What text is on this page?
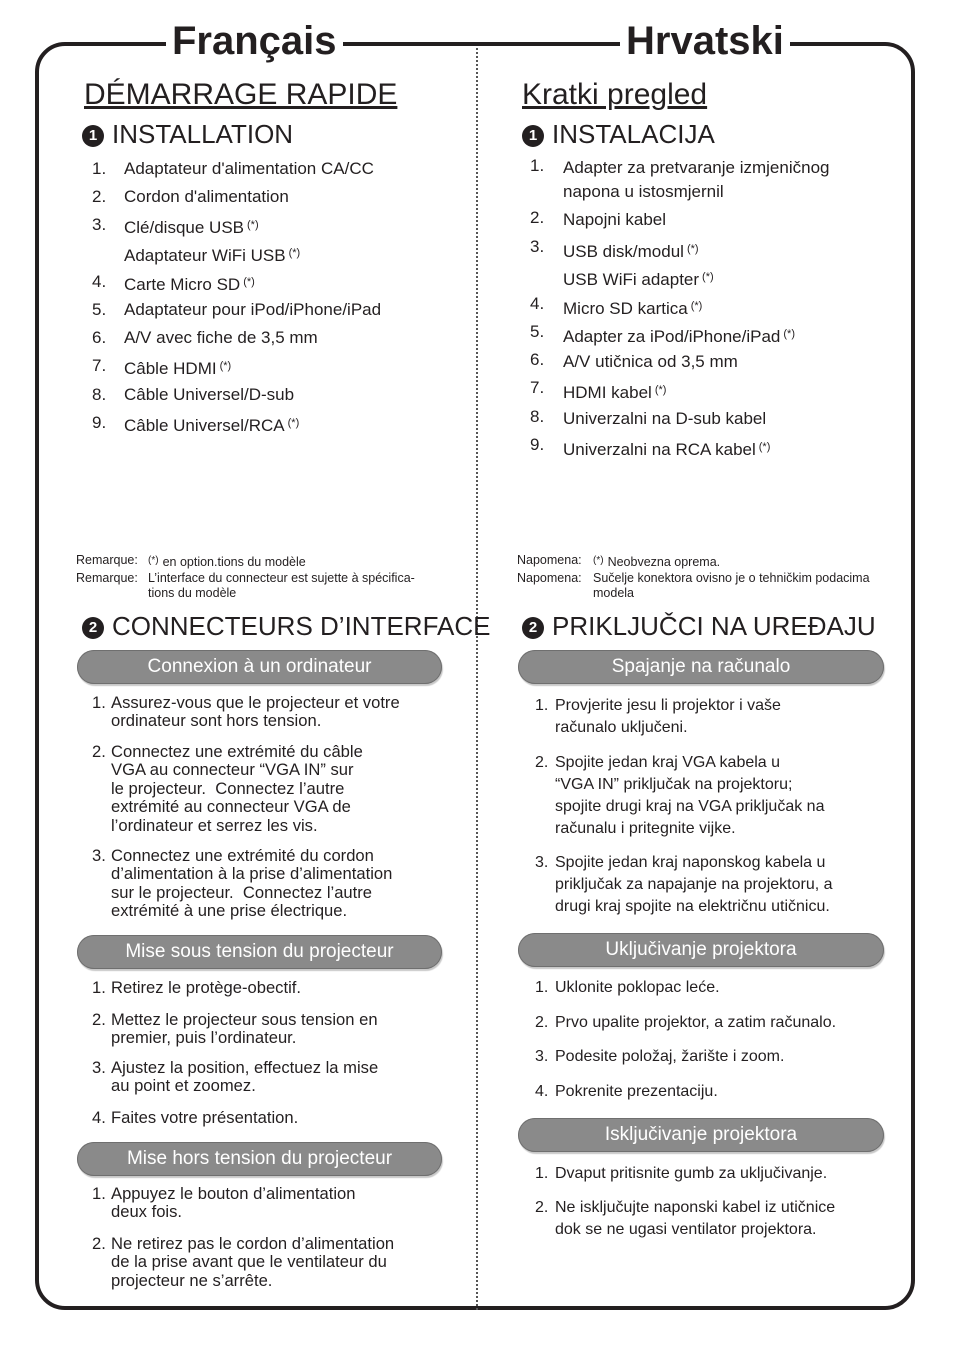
Français	Hrvatski
DÉMARRAGE RAPIDE
1 INSTALLATION
1. Adaptateur d'alimentation CA/CC
2. Cordon d'alimentation
3. Clé/disque USB (*)
Adaptateur WiFi USB (*)
4. Carte Micro SD (*)
5. Adaptateur pour iPod/iPhone/iPad
6. A/V avec fiche de 3,5 mm
7. Câble HDMI (*)
8. Câble Universel/D-sub
9. Câble Universel/RCA (*)
Remarque: (*) en option.tions du modèle
Remarque: L’interface du connecteur est sujette à spécifica-
tions du modèle
2 CONNECTEURS D’INTERFACE
Connexion à un ordinateur
1. Assurez-vous que le projecteur et votre
ordinateur sont hors tension.
2. Connectez une extrémité du câble
VGA au connecteur “VGA IN” sur
le projecteur.  Connectez l’autre
extrémité au connecteur VGA de
l’ordinateur et serrez les vis.
3. Connectez une extrémité du cordon
d’alimentation à la prise d’alimentation
sur le projecteur.  Connectez l’autre
extrémité à une prise électrique.
Mise sous tension du projecteur
1. Retirez le protège-obectif.
2. Mettez le projecteur sous tension en
premier, puis l’ordinateur.
3. Ajustez la position, effectuez la mise
au point et zoomez.
4. Faites votre présentation.
Mise hors tension du projecteur
1. Appuyez le bouton d’alimentation
deux fois.
2. Ne retirez pas le cordon d’alimentation
de la prise avant que le ventilateur du
projecteur ne s’arrête.
Kratki pregled
1 INSTALACIJA
1. Adapter za pretvaranje izmjeničnog
napona u istosmjernil
2. Napojni kabel
3. USB disk/modul (*)
USB WiFi adapter (*)
4. Micro SD kartica (*)
5. Adapter za iPod/iPhone/iPad (*)
6. A/V utičnica od 3,5 mm
7. HDMI kabel (*)
8. Univerzalni na D-sub kabel
9. Univerzalni na RCA kabel (*)
Napomena: (*) Neobvezna oprema.
Napomena: Sučelje konektora ovisno je o tehničkim podacima
modela
2 PRIKLJUČCI NA UREĐAJU
Spajanje na računalo
1. Provjerite jesu li projektor i vaše
računalo uključeni.
2. Spojite jedan kraj VGA kabela u
“VGA IN” priključak na projektoru;
spojite drugi kraj na VGA priključak na
računalu i pritegnite vijke.
3. Spojite jedan kraj naponskog kabela u
priključak za napajanje na projektoru, a
drugi kraj spojite na električnu utičnicu.
Uključivanje projektora
1. Uklonite poklopac leće.
2. Prvo upalite projektor, a zatim računalo.
3. Podesite položaj, žarište i zoom.
4. Pokrenite prezentaciju.
Isključivanje projektora
1. Dvaput pritisnite gumb za uključivanje.
2. Ne isključujte naponski kabel iz utičnice
dok se ne ugasi ventilator projektora.
